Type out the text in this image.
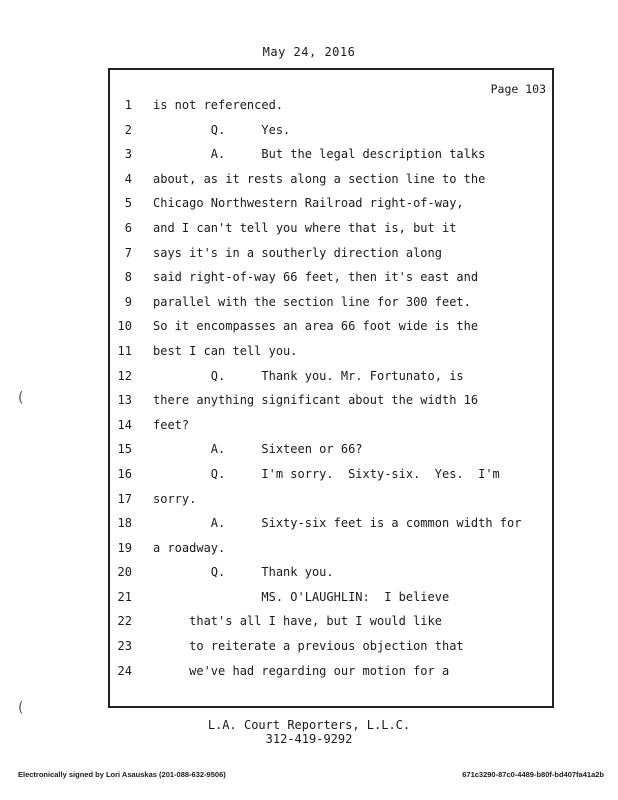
May 24, 2016
Page 103
1 is not referenced.
2 Q.     Yes.
3 A.     But the legal description talks
4 about, as it rests along a section line to the
5 Chicago Northwestern Railroad right-of-way,
6 and I can't tell you where that is, but it
7 says it's in a southerly direction along
8 said right-of-way 66 feet, then it's east and
9 parallel with the section line for 300 feet.
10 So it encompasses an area 66 foot wide is the
11 best I can tell you.
12 Q.     Thank you. Mr. Fortunato, is
13 there anything significant about the width 16
14 feet?
15 A.     Sixteen or 66?
16 Q.     I'm sorry.  Sixty-six.  Yes.  I'm
17 sorry.
18 A.     Sixty-six feet is a common width for
19 a roadway.
20 Q.     Thank you.
21 MS. O'LAUGHLIN:  I believe
22 that's all I have, but I would like
23 to reiterate a previous objection that
24 we've had regarding our motion for a
L.A. Court Reporters, L.L.C.
312-419-9292
Electronically signed by Lori Asauskas (201-088-632-9506)	671c3290-87c0-4489-b80f-bd407fa41a2b
(
(
